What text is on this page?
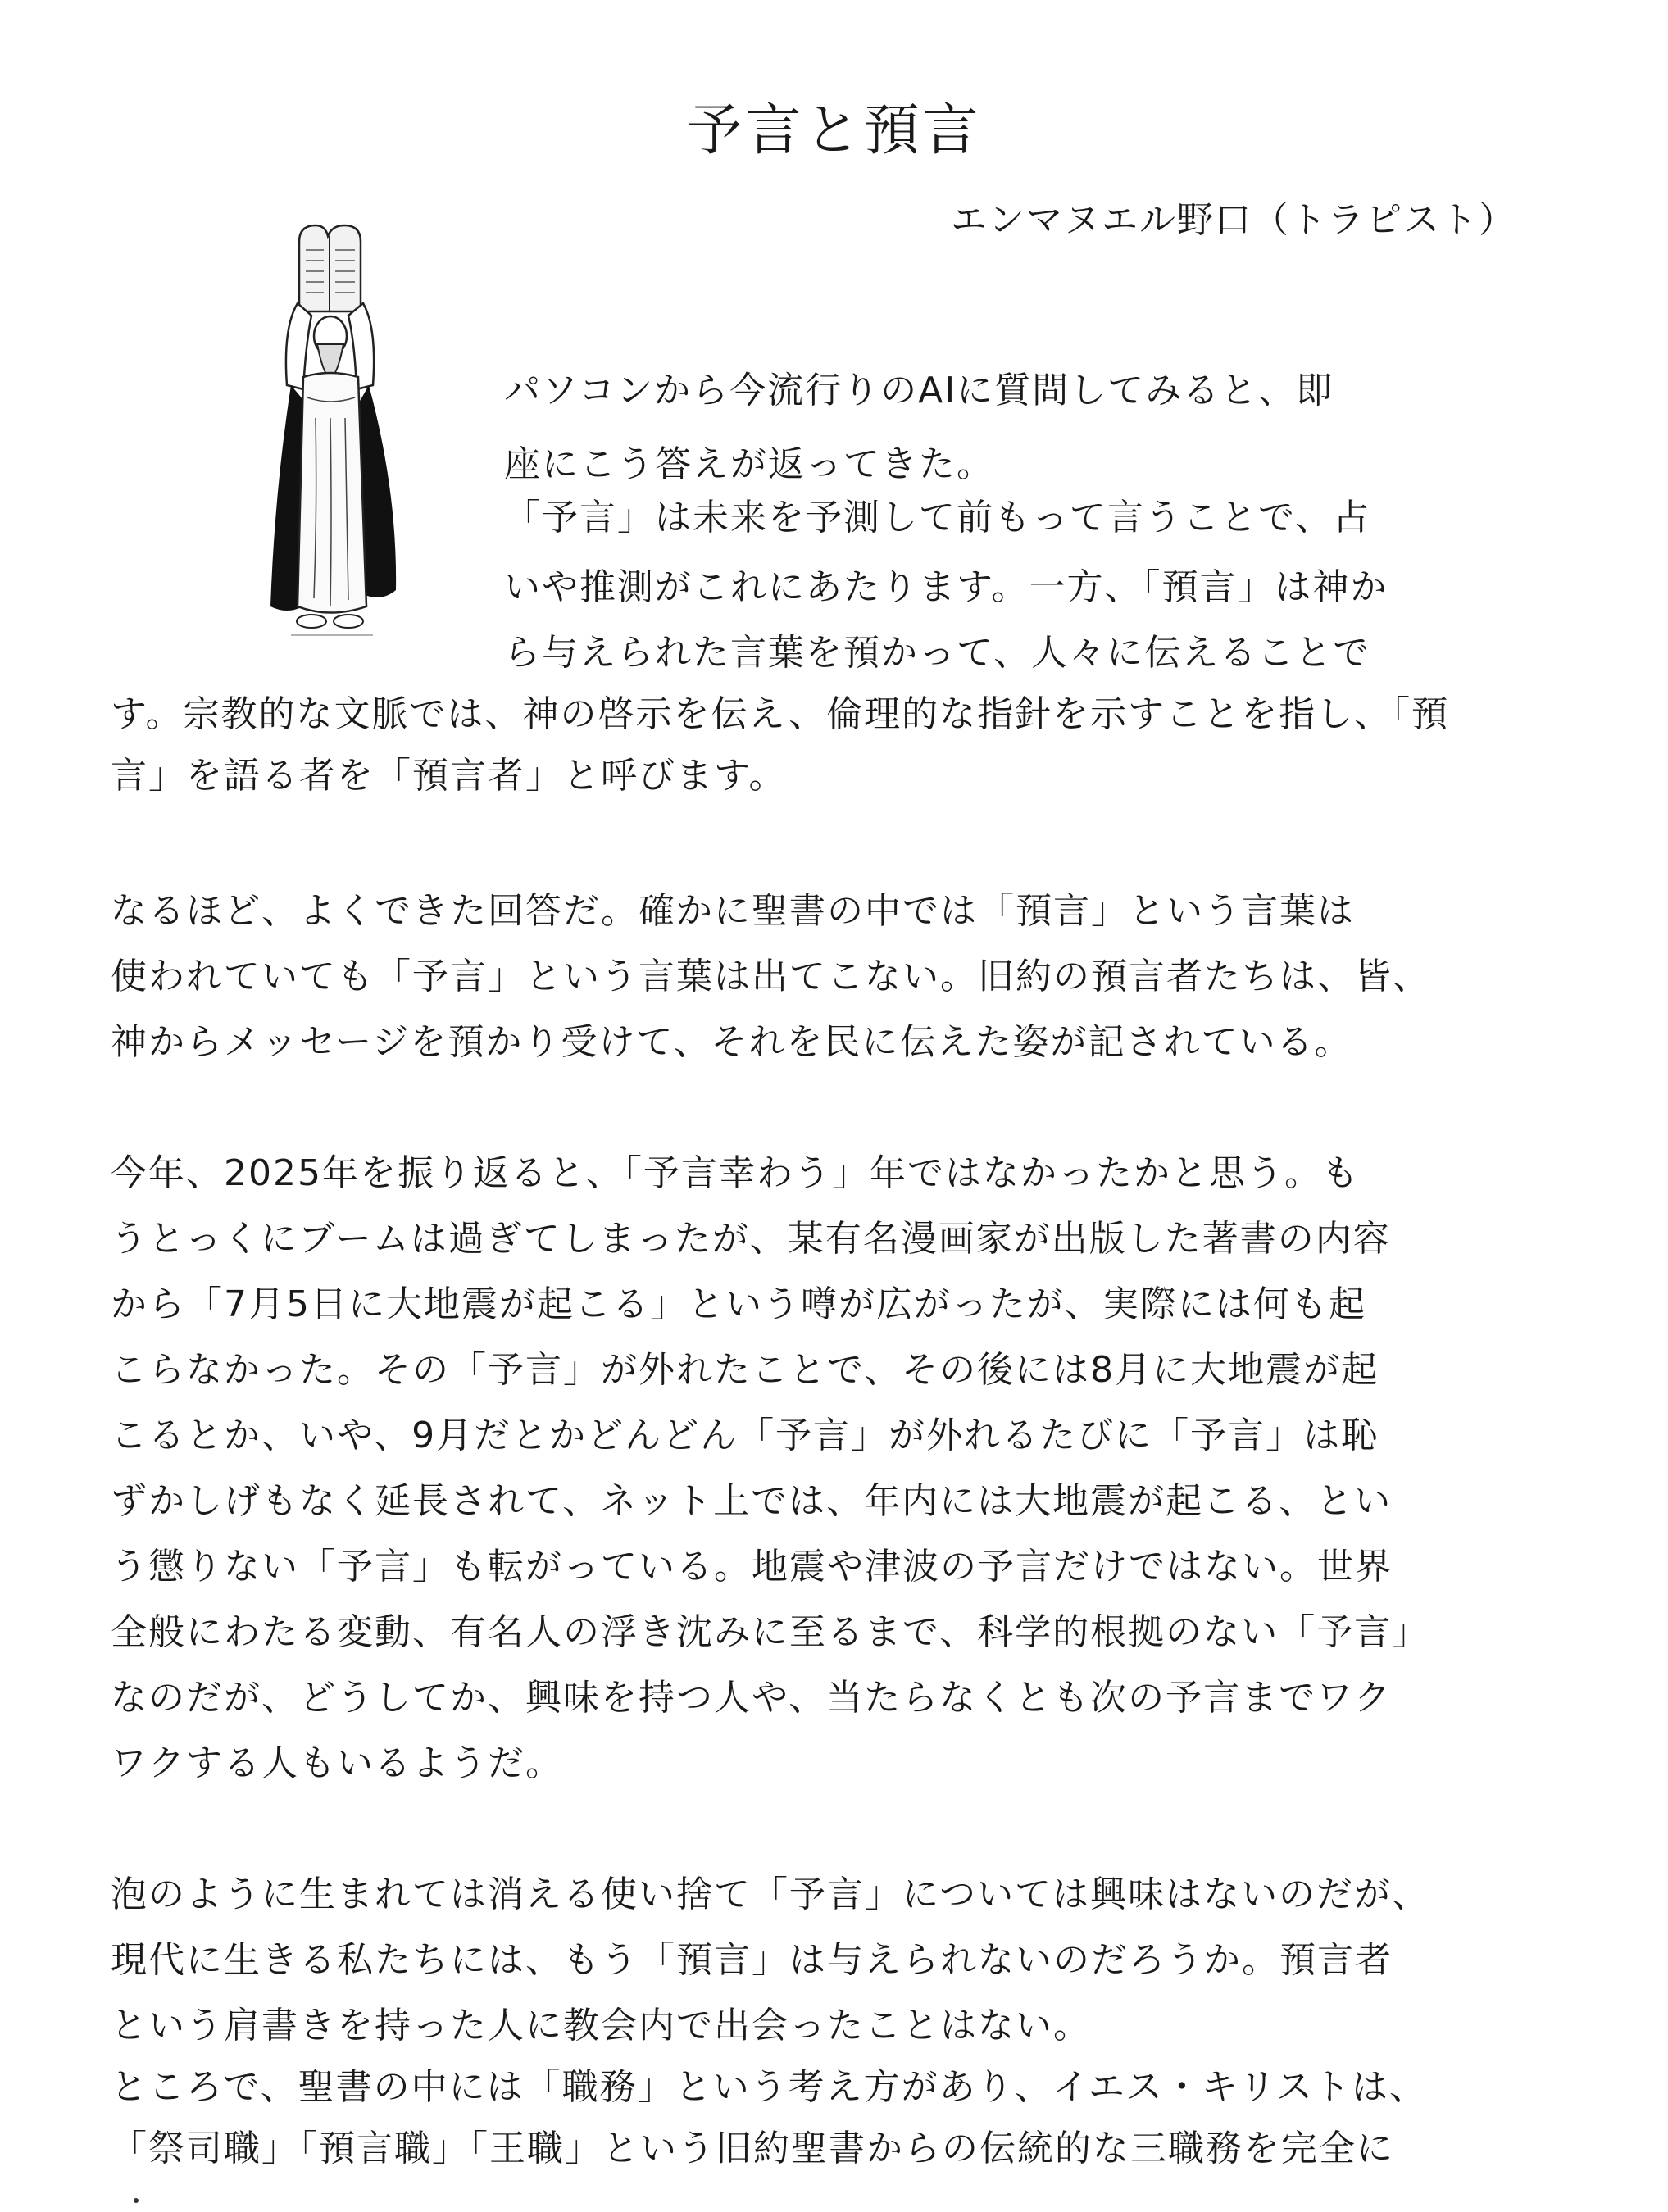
予言と預言
エンマヌエル野口（トラピスト）
パソコンから今流行りのAIに質問してみると、即
座にこう答えが返ってきた。
「予言」は未来を予測して前もって言うことで、占
いや推測がこれにあたります。一方、「預言」は神か
ら与えられた言葉を預かって、人々に伝えることで
す。宗教的な文脈では、神の啓示を伝え、倫理的な指針を示すことを指し、「預
言」を語る者を「預言者」と呼びます。
なるほど、よくできた回答だ。確かに聖書の中では「預言」という言葉は
使われていても「予言」という言葉は出てこない。旧約の預言者たちは、皆、
神からメッセージを預かり受けて、それを民に伝えた姿が記されている。
今年、2025年を振り返ると、「予言幸わう」年ではなかったかと思う。も
うとっくにブームは過ぎてしまったが、某有名漫画家が出版した著書の内容
から「7月5日に大地震が起こる」という噂が広がったが、実際には何も起
こらなかった。その「予言」が外れたことで、その後には8月に大地震が起
こるとか、いや、9月だとかどんどん「予言」が外れるたびに「予言」は恥
ずかしげもなく延長されて、ネット上では、年内には大地震が起こる、とい
う懲りない「予言」も転がっている。地震や津波の予言だけではない。世界
全般にわたる変動、有名人の浮き沈みに至るまで、科学的根拠のない「予言」
なのだが、どうしてか、興味を持つ人や、当たらなくとも次の予言までワク
ワクする人もいるようだ。
泡のように生まれては消える使い捨て「予言」については興味はないのだが、
現代に生きる私たちには、もう「預言」は与えられないのだろうか。預言者
という肩書きを持った人に教会内で出会ったことはない。
ところで、聖書の中には「職務」という考え方があり、イエス・キリストは、
「祭司職」「預言職」「王職」という旧約聖書からの伝統的な三職務を完全に
